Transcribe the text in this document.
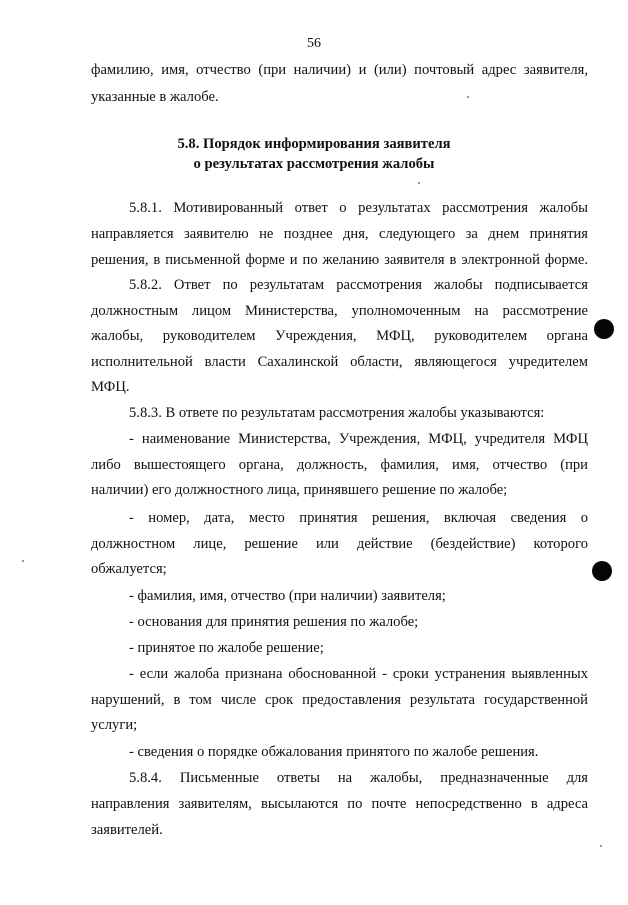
56
фамилию, имя, отчество (при наличии) и (или) почтовый адрес заявителя,
указанные в жалобе.
5.8. Порядок информирования заявителя
о результатах рассмотрения жалобы
5.8.1. Мотивированный ответ о результатах рассмотрения жалобы
направляется заявителю не позднее дня, следующего за днем принятия
решения, в письменной форме и по желанию заявителя в электронной форме.
5.8.2. Ответ по результатам рассмотрения жалобы подписывается
должностным лицом Министерства, уполномоченным на рассмотрение
жалобы, руководителем Учреждения, МФЦ, руководителем органа
исполнительной власти Сахалинской области, являющегося учредителем
МФЦ.
5.8.3. В ответе по результатам рассмотрения жалобы указываются:
- наименование Министерства, Учреждения, МФЦ, учредителя МФЦ
либо вышестоящего органа, должность, фамилия, имя, отчество (при
наличии) его должностного лица, принявшего решение по жалобе;
- номер, дата, место принятия решения, включая сведения о
должностном лице, решение или действие (бездействие) которого
обжалуется;
- фамилия, имя, отчество (при наличии) заявителя;
- основания для принятия решения по жалобе;
- принятое по жалобе решение;
- если жалоба признана обоснованной - сроки устранения выявленных
нарушений, в том числе срок предоставления результата государственной
услуги;
- сведения о порядке обжалования принятого по жалобе решения.
5.8.4. Письменные ответы на жалобы, предназначенные для
направления заявителям, высылаются по почте непосредственно в адреса
заявителей.
